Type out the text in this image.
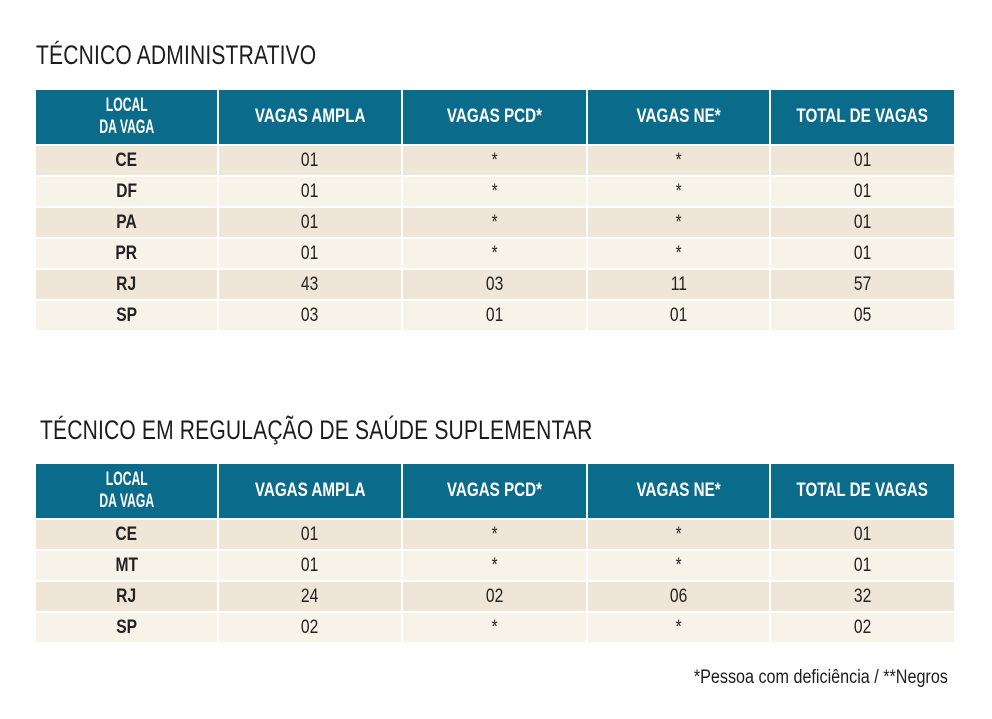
TÉCNICO ADMINISTRATIVO
LOCAL
DA VAGA	VAGAS AMPLA	VAGAS PCD*	VAGAS NE*	TOTAL DE VAGAS
CE	01	*	*	01
DF	01	*	*	01
PA	01	*	*	01
PR	01	*	*	01
RJ	43	03	11	57
SP	03	01	01	05
TÉCNICO EM REGULAÇÃO DE SAÚDE SUPLEMENTAR
LOCAL
DA VAGA	VAGAS AMPLA	VAGAS PCD*	VAGAS NE*	TOTAL DE VAGAS
CE	01	*	*	01
MT	01	*	*	01
RJ	24	02	06	32
SP	02	*	*	02
*Pessoa com deficiência / **Negros
